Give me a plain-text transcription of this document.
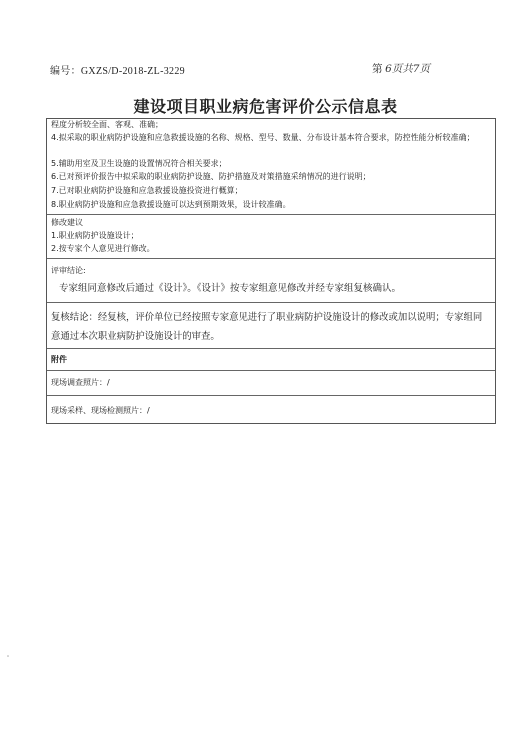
编号：GXZS/D-2018-ZL-3229	第 6页共7页
建设项目职业病危害评价公示信息表
程度分析较全面、客观、准确；
4.拟采取的职业病防护设施和应急救援设施的名称、规格、型号、数量、分布设计基本符合要求，防控性能分析较准确；
5.辅助用室及卫生设施的设置情况符合相关要求；
6.已对预评价报告中拟采取的职业病防护设施、防护措施及对策措施采纳情况的进行说明；
7.已对职业病防护设施和应急救援设施投资进行概算；
8.职业病防护设施和应急救援设施可以达到预期效果，设计较准确。
修改建议
1.职业病防护设施设计；
2.按专家个人意见进行修改。
评审结论:
专家组同意修改后通过《设计》。《设计》按专家组意见修改并经专家组复核确认。
复核结论：经复核，评价单位已经按照专家意见进行了职业病防护设施设计的修改或加以说明；专家组同意通过本次职业病防护设施设计的审查。
附件
现场调查照片：/
现场采样、现场检测照片：/
